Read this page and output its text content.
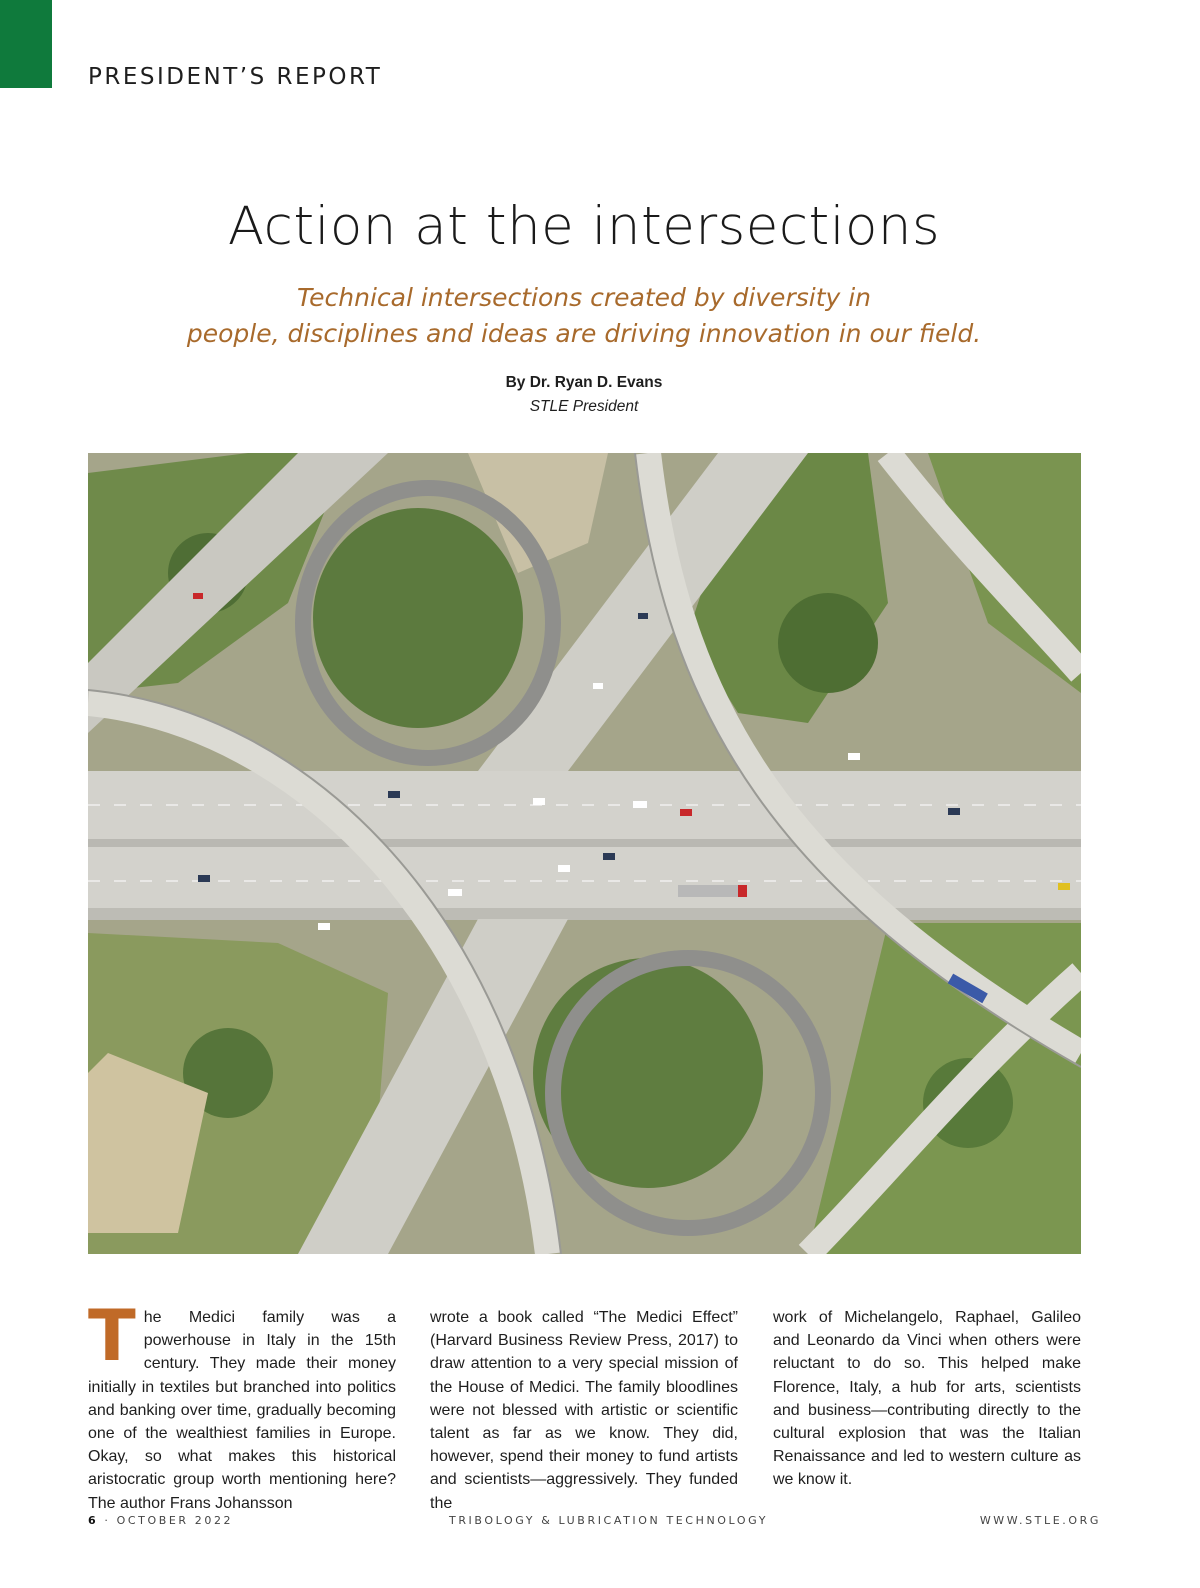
PRESIDENT’S REPORT
Action at the intersections
Technical intersections created by diversity in
people, disciplines and ideas are driving innovation in our field.
By Dr. Ryan D. Evans
STLE President
T he Medici family was a powerhouse in Italy in the 15th century. They made their money initially in textiles but branched into politics and banking over time, gradually becoming one of the wealthiest families in Europe. Okay, so what makes this historical aristocratic group worth mentioning here? The author Frans Johansson
wrote a book called “The Medici Effect” (Harvard Business Review Press, 2017) to draw attention to a very special mission of the House of Medici. The family bloodlines were not blessed with artistic or scientific talent as far as we know. They did, however, spend their money to fund artists and scientists—aggressively. They funded the
work of Michelangelo, Raphael, Galileo and Leonardo da Vinci when others were reluctant to do so. This helped make Florence, Italy, a hub for arts, scientists and business—contributing directly to the cultural explosion that was the Italian Renaissance and led to western culture as we know it.
6 · OCTOBER 2022	TRIBOLOGY & LUBRICATION TECHNOLOGY	WWW.STLE.ORG
